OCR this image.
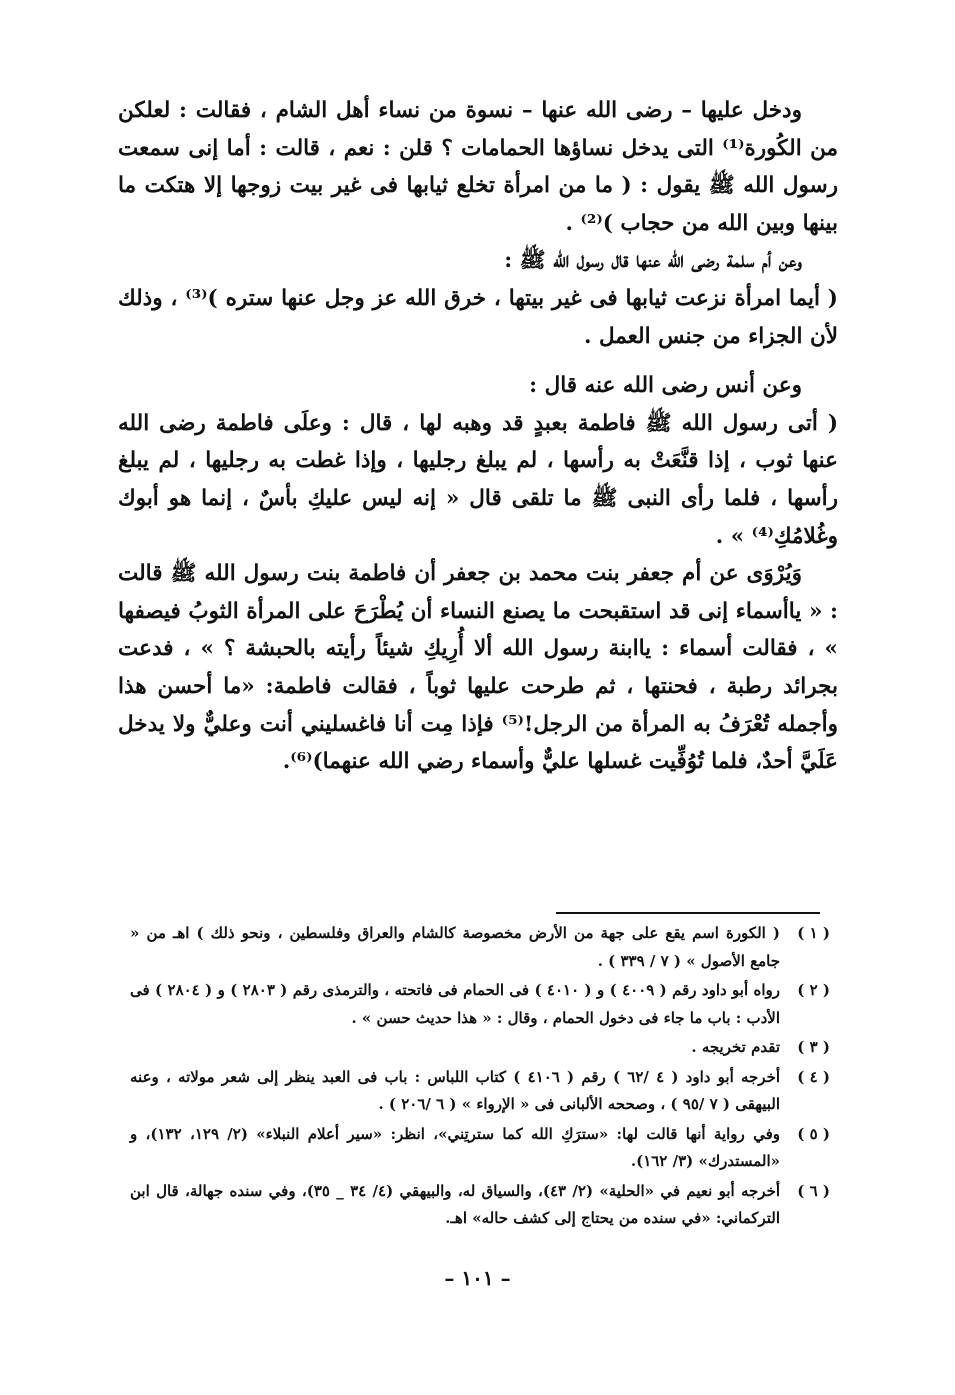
ودخل عليها – رضى الله عنها – نسوة من نساء أهل الشام ، فقالت : لعلكن من الكُورة⁽¹⁾ التى يدخل نساؤها الحمامات ؟ قلن : نعم ، قالت : أما إنى سمعت رسول الله ﷺ يقول : ( ما من امرأة تخلع ثيابها فى غير بيت زوجها إلا هتكت ما بينها وبين الله من حجاب )⁽²⁾ .

وعن أم سلمة رضى الله عنها قال رسول الله ﷺ :

( أيما امرأة نزعت ثيابها فى غير بيتها ، خرق الله عز وجل عنها ستره )⁽³⁾ ، وذلك لأن الجزاء من جنس العمل .

وعن أنس رضى الله عنه قال :

( أتى رسول الله ﷺ فاطمة بعبدٍ قد وهبه لها ، قال : وعلَى فاطمة رضى الله عنها ثوب ، إذا قنَّعَتْ به رأسها ، لم يبلغ رجليها ، وإذا غطت به رجليها ، لم يبلغ رأسها ، فلما رأى النبى ﷺ ما تلقى قال « إنه ليس عليكِ بأسٌ ، إنما هو أبوك وغُلامُكِ⁽⁴⁾ » .

وَيُرْوَى عن أم جعفر بنت محمد بن جعفر أن فاطمة بنت رسول الله ﷺ قالت : « ياأسماء إنى قد استقبحت ما يصنع النساء أن يُطْرَحَ على المرأة الثوبُ فيصفها » ، فقالت أسماء : ياابنة رسول الله ألا أُرِيكِ شيئاً رأيته بالحبشة ؟ » ، فدعت بجرائد رطبة ، فحنتها ، ثم طرحت عليها ثوباً ، فقالت فاطمة: «ما أحسن هذا وأجمله تُعْرَفُ به المرأة من الرجل!⁽⁵⁾ فإذا مِت أنا فاغسليني أنت وعليٌّ ولا يدخل عَلَيَّ أحدٌ، فلما تُوُفِّيت غسلها عليٌّ وأسماء رضي الله عنهما)⁽⁶⁾.

( ١ )
( الكورة اسم يقع على جهة من الأرض مخصوصة كالشام والعراق وفلسطين ، ونحو ذلك ) اهـ من « جامع الأصول » ( ٧ / ٣٣٩ ) .
( ٢ )
رواه أبو داود رقم ( ٤٠٠٩ ) و ( ٤٠١٠ ) فى الحمام فى فاتحته ، والترمذى رقم ( ٢٨٠٣ ) و ( ٢٨٠٤ ) فى الأدب : باب ما جاء فى دخول الحمام ، وقال : « هذا حديث حسن » .
( ٣ )
تقدم تخريجه .
( ٤ )
أخرجه أبو داود ( ٤ /٦٢ ) رقم ( ٤١٠٦ ) كتاب اللباس : باب فى العبد ينظر إلى شعر مولاته ، وعنه البيهقى ( ٧ /٩٥ ) ، وصححه الألبانى فى « الإرواء » ( ٦ /٢٠٦ ) .
( ٥ )
وفي رواية أنها قالت لها: «سترَكِ الله كما سترتِني»، انظر: «سير أعلام النبلاء» (٢/ ١٢٩، ١٣٢)، و «المستدرك» (٣/ ١٦٢).
( ٦ )
أخرجه أبو نعيم في «الحلية» (٢/ ٤٣)، والسياق له، والبيهقي (٤/ ٣٤ _ ٣٥)، وفي سنده جهالة، قال ابن التركماني: «في سنده من يحتاج إلى كشف حاله» اهـ.
– ١٠١ –
